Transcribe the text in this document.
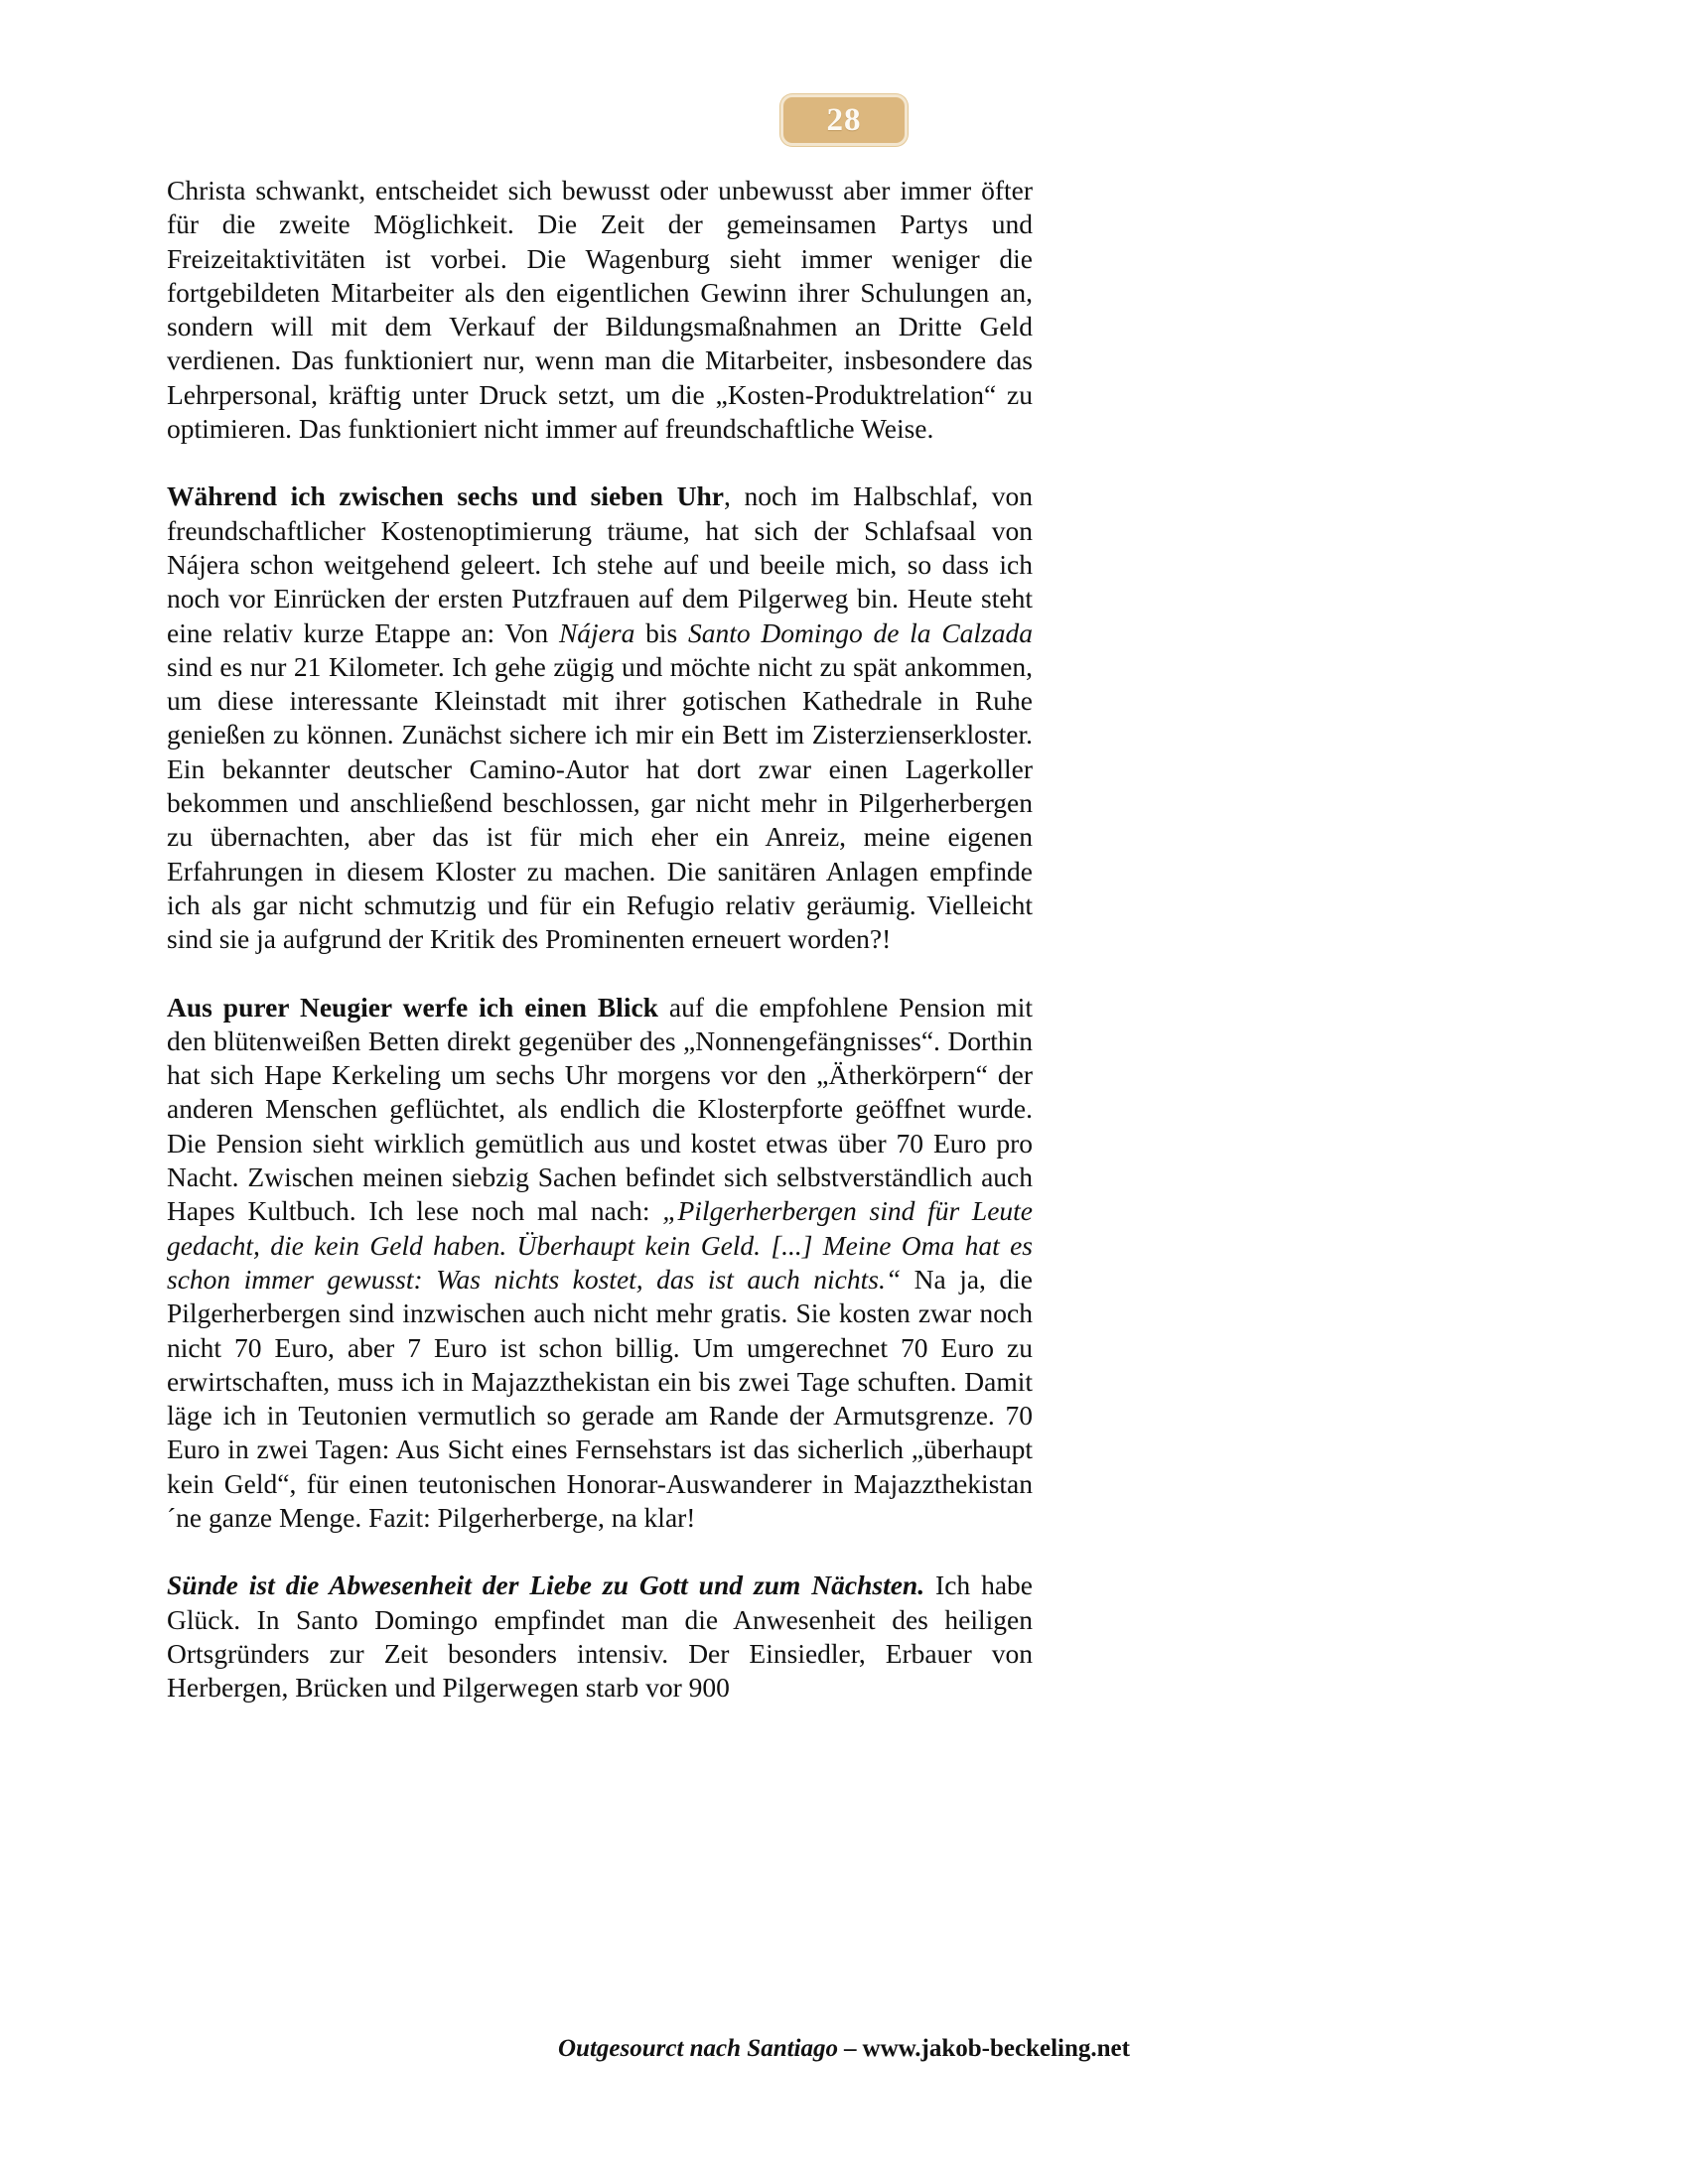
28

Christa schwankt, entscheidet sich bewusst oder unbewusst aber immer öfter für die zweite Möglichkeit. Die Zeit der gemeinsamen Partys und Freizeitaktivitäten ist vorbei. Die Wagenburg sieht immer weniger die fortgebildeten Mitarbeiter als den eigentlichen Gewinn ihrer Schulungen an, sondern will mit dem Verkauf der Bildungsmaßnahmen an Dritte Geld verdienen. Das funktioniert nur, wenn man die Mitarbeiter, insbesondere das Lehrpersonal, kräftig unter Druck setzt, um die „Kosten-Produktrelation“ zu optimieren. Das funktioniert nicht immer auf freundschaftliche Weise.

Während ich zwischen sechs und sieben Uhr, noch im Halbschlaf, von freundschaftlicher Kostenoptimierung träume, hat sich der Schlafsaal von Nájera schon weitgehend geleert. Ich stehe auf und beeile mich, so dass ich noch vor Einrücken der ersten Putzfrauen auf dem Pilgerweg bin. Heute steht eine relativ kurze Etappe an: Von Nájera bis Santo Domingo de la Calzada sind es nur 21 Kilometer. Ich gehe zügig und möchte nicht zu spät ankommen, um diese interessante Kleinstadt mit ihrer gotischen Kathedrale in Ruhe genießen zu können. Zunächst sichere ich mir ein Bett im Zisterzienserkloster. Ein bekannter deutscher Camino-Autor hat dort zwar einen Lagerkoller bekommen und anschließend beschlossen, gar nicht mehr in Pilgerherbergen zu übernachten, aber das ist für mich eher ein Anreiz, meine eigenen Erfahrungen in diesem Kloster zu machen. Die sanitären Anlagen empfinde ich als gar nicht schmutzig und für ein Refugio relativ geräumig. Vielleicht sind sie ja aufgrund der Kritik des Prominenten erneuert worden?!

Aus purer Neugier werfe ich einen Blick auf die empfohlene Pension mit den blütenweißen Betten direkt gegenüber des „Nonnengefängnisses“. Dorthin hat sich Hape Kerkeling um sechs Uhr morgens vor den „Ätherkörpern“ der anderen Menschen geflüchtet, als endlich die Klosterpforte geöffnet wurde. Die Pension sieht wirklich gemütlich aus und kostet etwas über 70 Euro pro Nacht. Zwischen meinen siebzig Sachen befindet sich selbstverständlich auch Hapes Kultbuch. Ich lese noch mal nach: „Pilgerherbergen sind für Leute gedacht, die kein Geld haben. Überhaupt kein Geld. [...] Meine Oma hat es schon immer gewusst: Was nichts kostet, das ist auch nichts.“ Na ja, die Pilgerherbergen sind inzwischen auch nicht mehr gratis. Sie kosten zwar noch nicht 70 Euro, aber 7 Euro ist schon billig. Um umgerechnet 70 Euro zu erwirtschaften, muss ich in Majazzthekistan ein bis zwei Tage schuften. Damit läge ich in Teutonien vermutlich so gerade am Rande der Armutsgrenze. 70 Euro in zwei Tagen: Aus Sicht eines Fernsehstars ist das sicherlich „überhaupt kein Geld“, für einen teutonischen Honorar-Auswanderer in Majazzthekistan ´ne ganze Menge. Fazit: Pilgerherberge, na klar!

Sünde ist die Abwesenheit der Liebe zu Gott und zum Nächsten. Ich habe Glück. In Santo Domingo empfindet man die Anwesenheit des heiligen Ortsgründers zur Zeit besonders intensiv. Der Einsiedler, Erbauer von Herbergen, Brücken und Pilgerwegen starb vor 900

Outgesourct nach Santiago – www.jakob-beckeling.net
